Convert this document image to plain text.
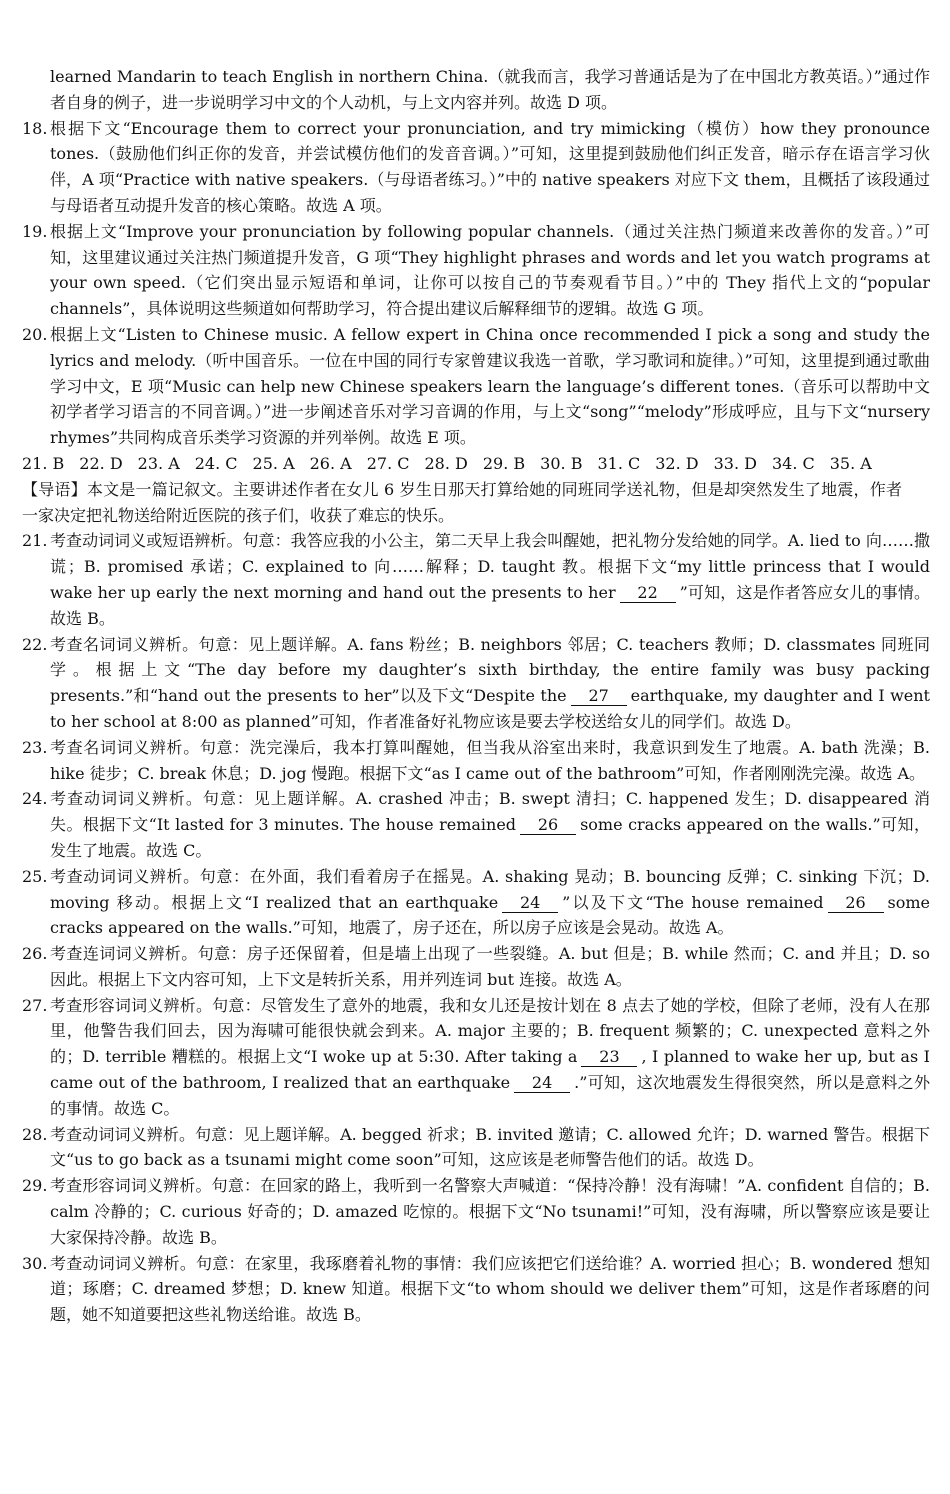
learned Mandarin to teach English in northern China.（就我而言，我学习普通话是为了在中国北方教英语。）”通过作者自身的例子，进一步说明学习中文的个人动机，与上文内容并列。故选 D 项。

18. 根据下文“Encourage them to correct your pronunciation, and try mimicking（模仿）how they pronounce tones.（鼓励他们纠正你的发音，并尝试模仿他们的发音音调。）”可知，这里提到鼓励他们纠正发音，暗示存在语言学习伙伴，A 项“Practice with native speakers.（与母语者练习。）”中的 native speakers 对应下文 them，且概括了该段通过与母语者互动提升发音的核心策略。故选 A 项。

19. 根据上文“Improve your pronunciation by following popular channels.（通过关注热门频道来改善你的发音。）”可知，这里建议通过关注热门频道提升发音，G 项“They highlight phrases and words and let you watch programs at your own speed.（它们突出显示短语和单词，让你可以按自己的节奏观看节目。）”中的 They 指代上文的“popular channels”，具体说明这些频道如何帮助学习，符合提出建议后解释细节的逻辑。故选 G 项。

20. 根据上文“Listen to Chinese music. A fellow expert in China once recommended I pick a song and study the lyrics and melody.（听中国音乐。一位在中国的同行专家曾建议我选一首歌，学习歌词和旋律。）”可知，这里提到通过歌曲学习中文，E 项“Music can help new Chinese speakers learn the language’s different tones.（音乐可以帮助中文初学者学习语言的不同音调。）”进一步阐述音乐对学习音调的作用，与上文“song”“melody”形成呼应，且与下文“nursery rhymes”共同构成音乐类学习资源的并列举例。故选 E 项。

21. B 22. D 23. A 24. C 25. A 26. A 27. C 28. D 29. B 30. B 31. C 32. D 33. D 34. C 35. A

【导语】本文是一篇记叙文。主要讲述作者在女儿 6 岁生日那天打算给她的同班同学送礼物，但是却突然发生了地震，作者一家决定把礼物送给附近医院的孩子们，收获了难忘的快乐。

21. 考查动词词义或短语辨析。句意：我答应我的小公主，第二天早上我会叫醒她，把礼物分发给她的同学。A. lied to 向……撒谎；B. promised 承诺；C. explained to 向……解释；D. taught 教。根据下文“my little princess that I would wake her up early the next morning and hand out the presents to her 22 ”可知，这是作者答应女儿的事情。故选 B。

22. 考查名词词义辨析。句意：见上题详解。A. fans 粉丝；B. neighbors 邻居；C. teachers 教师；D. classmates 同班同学。根据上文“The day before my daughter’s sixth birthday, the entire family was busy packing presents.”和“hand out the presents to her”以及下文“Despite the 27 earthquake, my daughter and I went to her school at 8:00 as planned”可知，作者准备好礼物应该是要去学校送给女儿的同学们。故选 D。

23. 考查名词词义辨析。句意：洗完澡后，我本打算叫醒她，但当我从浴室出来时，我意识到发生了地震。A. bath 洗澡；B. hike 徒步；C. break 休息；D. jog 慢跑。根据下文“as I came out of the bathroom”可知，作者刚刚洗完澡。故选 A。

24. 考查动词词义辨析。句意：见上题详解。A. crashed 冲击；B. swept 清扫；C. happened 发生；D. disappeared 消失。根据下文“It lasted for 3 minutes. The house remained 26 some cracks appeared on the walls.”可知，发生了地震。故选 C。

25. 考查动词词义辨析。句意：在外面，我们看着房子在摇晃。A. shaking 晃动；B. bouncing 反弹；C. sinking 下沉；D. moving 移动。根据上文“I realized that an earthquake 24 ”以及下文“The house remained 26 some cracks appeared on the walls.”可知，地震了，房子还在，所以房子应该是会晃动。故选 A。

26. 考查连词词义辨析。句意：房子还保留着，但是墙上出现了一些裂缝。A. but 但是；B. while 然而；C. and 并且；D. so 因此。根据上下文内容可知，上下文是转折关系，用并列连词 but 连接。故选 A。

27. 考查形容词词义辨析。句意：尽管发生了意外的地震，我和女儿还是按计划在 8 点去了她的学校，但除了老师，没有人在那里，他警告我们回去，因为海啸可能很快就会到来。A. major 主要的；B. frequent 频繁的；C. unexpected 意料之外的；D. terrible 糟糕的。根据上文“I woke up at 5:30. After taking a 23 , I planned to wake her up, but as I came out of the bathroom, I realized that an earthquake 24 .”可知，这次地震发生得很突然，所以是意料之外的事情。故选 C。

28. 考查动词词义辨析。句意：见上题详解。A. begged 祈求；B. invited 邀请；C. allowed 允许；D. warned 警告。根据下文“us to go back as a tsunami might come soon”可知，这应该是老师警告他们的话。故选 D。

29. 考查形容词词义辨析。句意：在回家的路上，我听到一名警察大声喊道：“保持冷静！没有海啸！”A. confident 自信的；B. calm 冷静的；C. curious 好奇的；D. amazed 吃惊的。根据下文“No tsunami!”可知，没有海啸，所以警察应该是要让大家保持冷静。故选 B。

30. 考查动词词义辨析。句意：在家里，我琢磨着礼物的事情：我们应该把它们送给谁？A. worried 担心；B. wondered 想知道；琢磨；C. dreamed 梦想；D. knew 知道。根据下文“to whom should we deliver them”可知，这是作者琢磨的问题，她不知道要把这些礼物送给谁。故选 B。
